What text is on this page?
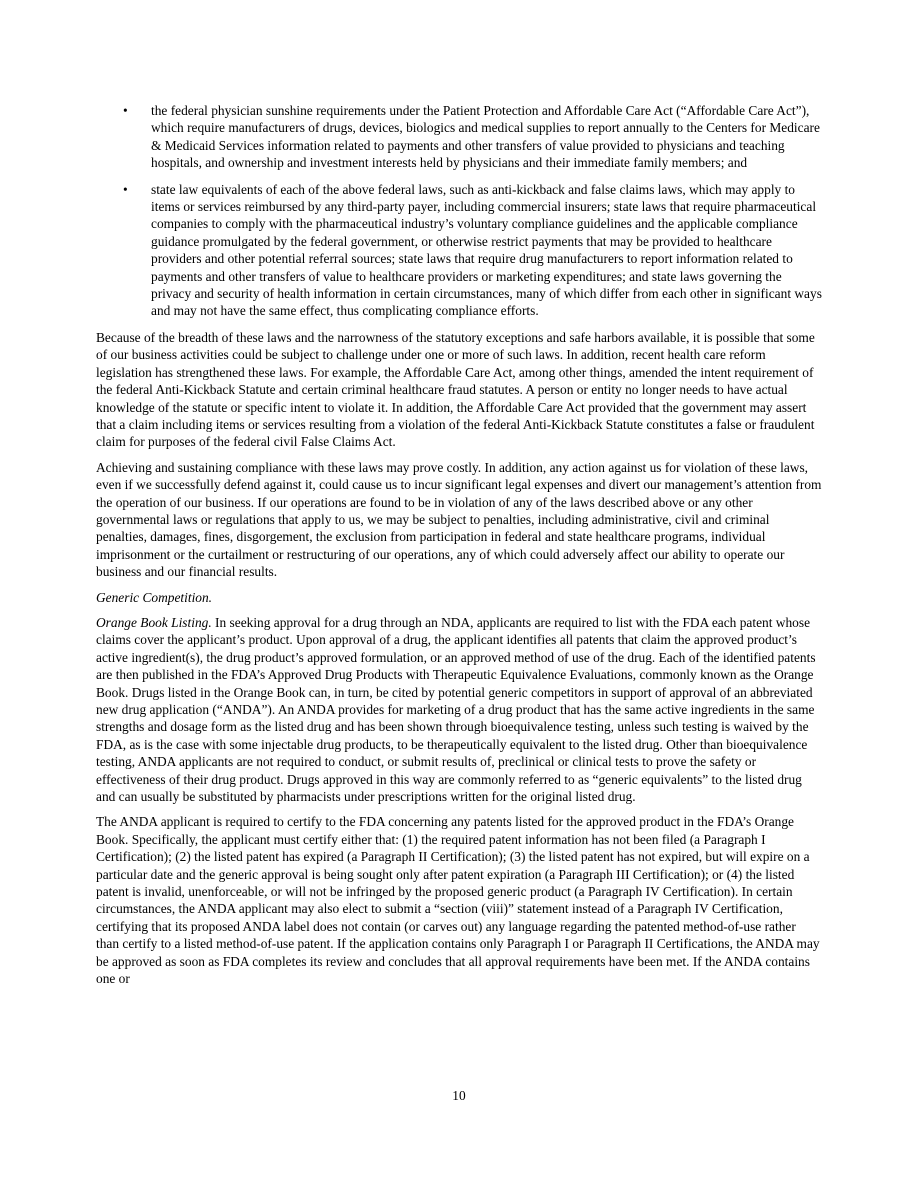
• the federal physician sunshine requirements under the Patient Protection and Affordable Care Act (“Affordable Care Act”), which require manufacturers of drugs, devices, biologics and medical supplies to report annually to the Centers for Medicare & Medicaid Services information related to payments and other transfers of value provided to physicians and teaching hospitals, and ownership and investment interests held by physicians and their immediate family members; and
• state law equivalents of each of the above federal laws, such as anti-kickback and false claims laws, which may apply to items or services reimbursed by any third-party payer, including commercial insurers; state laws that require pharmaceutical companies to comply with the pharmaceutical industry’s voluntary compliance guidelines and the applicable compliance guidance promulgated by the federal government, or otherwise restrict payments that may be provided to healthcare providers and other potential referral sources; state laws that require drug manufacturers to report information related to payments and other transfers of value to healthcare providers or marketing expenditures; and state laws governing the privacy and security of health information in certain circumstances, many of which differ from each other in significant ways and may not have the same effect, thus complicating compliance efforts.

Because of the breadth of these laws and the narrowness of the statutory exceptions and safe harbors available, it is possible that some of our business activities could be subject to challenge under one or more of such laws. In addition, recent health care reform legislation has strengthened these laws. For example, the Affordable Care Act, among other things, amended the intent requirement of the federal Anti-Kickback Statute and certain criminal healthcare fraud statutes. A person or entity no longer needs to have actual knowledge of the statute or specific intent to violate it. In addition, the Affordable Care Act provided that the government may assert that a claim including items or services resulting from a violation of the federal Anti-Kickback Statute constitutes a false or fraudulent claim for purposes of the federal civil False Claims Act.

Achieving and sustaining compliance with these laws may prove costly. In addition, any action against us for violation of these laws, even if we successfully defend against it, could cause us to incur significant legal expenses and divert our management’s attention from the operation of our business. If our operations are found to be in violation of any of the laws described above or any other governmental laws or regulations that apply to us, we may be subject to penalties, including administrative, civil and criminal penalties, damages, fines, disgorgement, the exclusion from participation in federal and state healthcare programs, individual imprisonment or the curtailment or restructuring of our operations, any of which could adversely affect our ability to operate our business and our financial results.

Generic Competition.

Orange Book Listing. In seeking approval for a drug through an NDA, applicants are required to list with the FDA each patent whose claims cover the applicant’s product. Upon approval of a drug, the applicant identifies all patents that claim the approved product’s active ingredient(s), the drug product’s approved formulation, or an approved method of use of the drug. Each of the identified patents are then published in the FDA’s Approved Drug Products with Therapeutic Equivalence Evaluations, commonly known as the Orange Book. Drugs listed in the Orange Book can, in turn, be cited by potential generic competitors in support of approval of an abbreviated new drug application (“ANDA”). An ANDA provides for marketing of a drug product that has the same active ingredients in the same strengths and dosage form as the listed drug and has been shown through bioequivalence testing, unless such testing is waived by the FDA, as is the case with some injectable drug products, to be therapeutically equivalent to the listed drug. Other than bioequivalence testing, ANDA applicants are not required to conduct, or submit results of, preclinical or clinical tests to prove the safety or effectiveness of their drug product. Drugs approved in this way are commonly referred to as “generic equivalents” to the listed drug and can usually be substituted by pharmacists under prescriptions written for the original listed drug.

The ANDA applicant is required to certify to the FDA concerning any patents listed for the approved product in the FDA’s Orange Book. Specifically, the applicant must certify either that: (1) the required patent information has not been filed (a Paragraph I Certification); (2) the listed patent has expired (a Paragraph II Certification); (3) the listed patent has not expired, but will expire on a particular date and the generic approval is being sought only after patent expiration (a Paragraph III Certification); or (4) the listed patent is invalid, unenforceable, or will not be infringed by the proposed generic product (a Paragraph IV Certification). In certain circumstances, the ANDA applicant may also elect to submit a “section (viii)” statement instead of a Paragraph IV Certification, certifying that its proposed ANDA label does not contain (or carves out) any language regarding the patented method-of-use rather than certify to a listed method-of-use patent. If the application contains only Paragraph I or Paragraph II Certifications, the ANDA may be approved as soon as FDA completes its review and concludes that all approval requirements have been met. If the ANDA contains one or

10
